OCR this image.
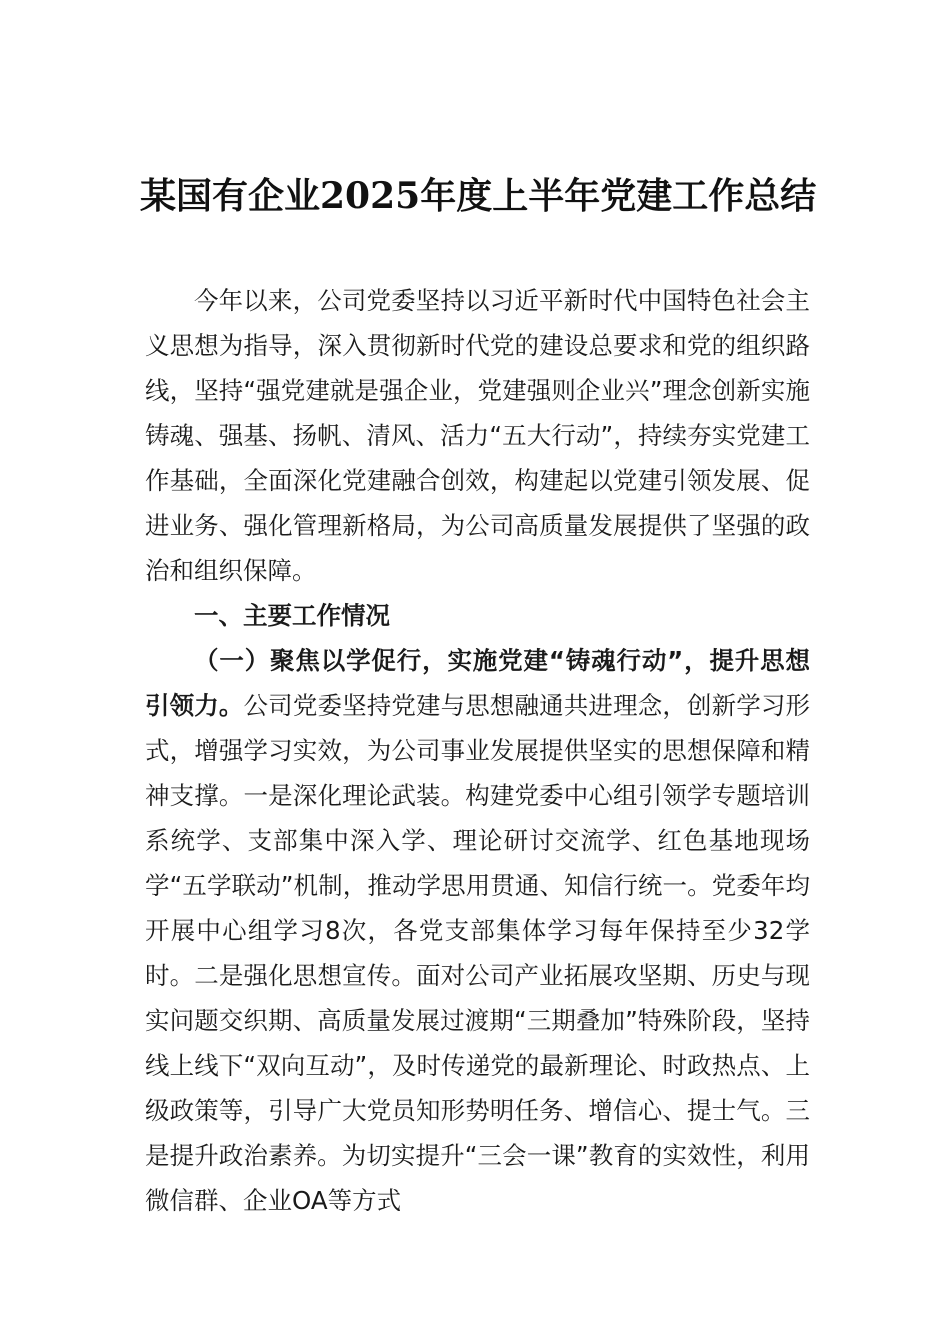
某国有企业2025年度上半年党建工作总结

今年以来，公司党委坚持以习近平新时代中国特色社会主义思想为指导，深入贯彻新时代党的建设总要求和党的组织路线，坚持“强党建就是强企业，党建强则企业兴”理念创新实施铸魂、强基、扬帆、清风、活力“五大行动”，持续夯实党建工作基础，全面深化党建融合创效，构建起以党建引领发展、促进业务、强化管理新格局，为公司高质量发展提供了坚强的政治和组织保障。

一、主要工作情况

（一）聚焦以学促行，实施党建“铸魂行动”，提升思想引领力。公司党委坚持党建与思想融通共进理念，创新学习形式，增强学习实效，为公司事业发展提供坚实的思想保障和精神支撑。一是深化理论武装。构建党委中心组引领学专题培训系统学、支部集中深入学、理论研讨交流学、红色基地现场学“五学联动”机制，推动学思用贯通、知信行统一。党委年均开展中心组学习8次，各党支部集体学习每年保持至少32学时。二是强化思想宣传。面对公司产业拓展攻坚期、历史与现实问题交织期、高质量发展过渡期“三期叠加”特殊阶段，坚持线上线下“双向互动”，及时传递党的最新理论、时政热点、上级政策等，引导广大党员知形势明任务、增信心、提士气。三是提升政治素养。为切实提升“三会一课”教育的实效性，利用微信群、企业OA等方式
